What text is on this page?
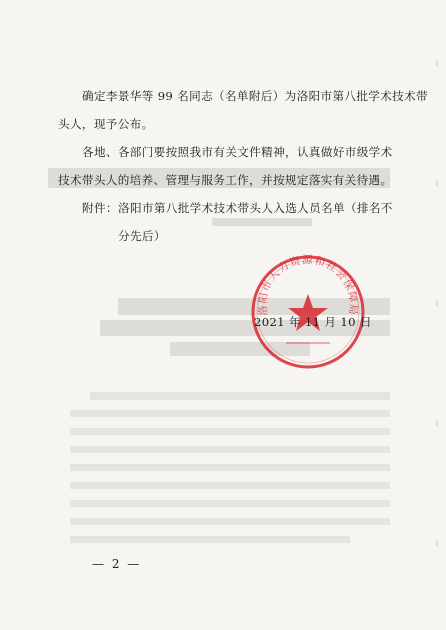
确定李景华等 99 名同志（名单附后）为洛阳市第八批学术技术带
头人，现予公布。
各地、各部门要按照我市有关文件精神，认真做好市级学术
技术带头人的培养、管理与服务工作，并按规定落实有关待遇。
附件： 洛阳市第八批学术技术带头人入选人员名单（排名不
分先后）
2021 年 11 月 10 日
洛阳市人力资源和社会保障局
— 2 —
